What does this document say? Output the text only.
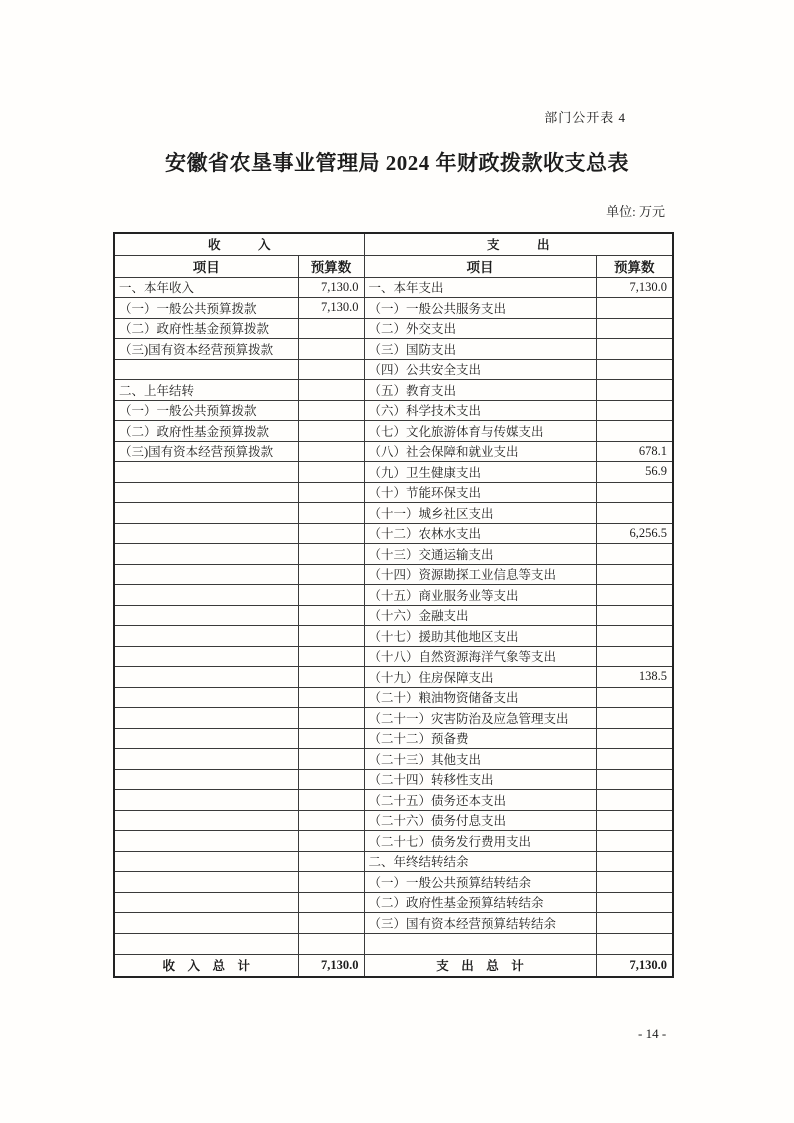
部门公开表 4
安徽省农垦事业管理局 2024 年财政拨款收支总表
单位: 万元
收　　　入		支　　　出	
项目	预算数	项目	预算数
一、本年收入	7,130.0	一、本年支出	7,130.0
（一）一般公共预算拨款	7,130.0	（一）一般公共服务支出	
（二）政府性基金预算拨款		（二）外交支出	
（三)国有资本经营预算拨款		（三）国防支出	
		（四）公共安全支出	
二、上年结转		（五）教育支出	
（一）一般公共预算拨款		（六）科学技术支出	
（二）政府性基金预算拨款		（七）文化旅游体育与传媒支出	
（三)国有资本经营预算拨款		（八）社会保障和就业支出	678.1
		（九）卫生健康支出	56.9
		（十）节能环保支出	
		（十一）城乡社区支出	
		（十二）农林水支出	6,256.5
		（十三）交通运输支出	
		（十四）资源勘探工业信息等支出	
		（十五）商业服务业等支出	
		（十六）金融支出	
		（十七）援助其他地区支出	
		（十八）自然资源海洋气象等支出	
		（十九）住房保障支出	138.5
		（二十）粮油物资储备支出	
		（二十一）灾害防治及应急管理支出	
		（二十二）预备费	
		（二十三）其他支出	
		（二十四）转移性支出	
		（二十五）债务还本支出	
		（二十六）债务付息支出	
		（二十七）债务发行费用支出	
		二、年终结转结余	
		（一）一般公共预算结转结余	
		（二）政府性基金预算结转结余	
		（三）国有资本经营预算结转结余	

收　入　总　计	7,130.0	支　出　总　计	7,130.0
- 14 -
